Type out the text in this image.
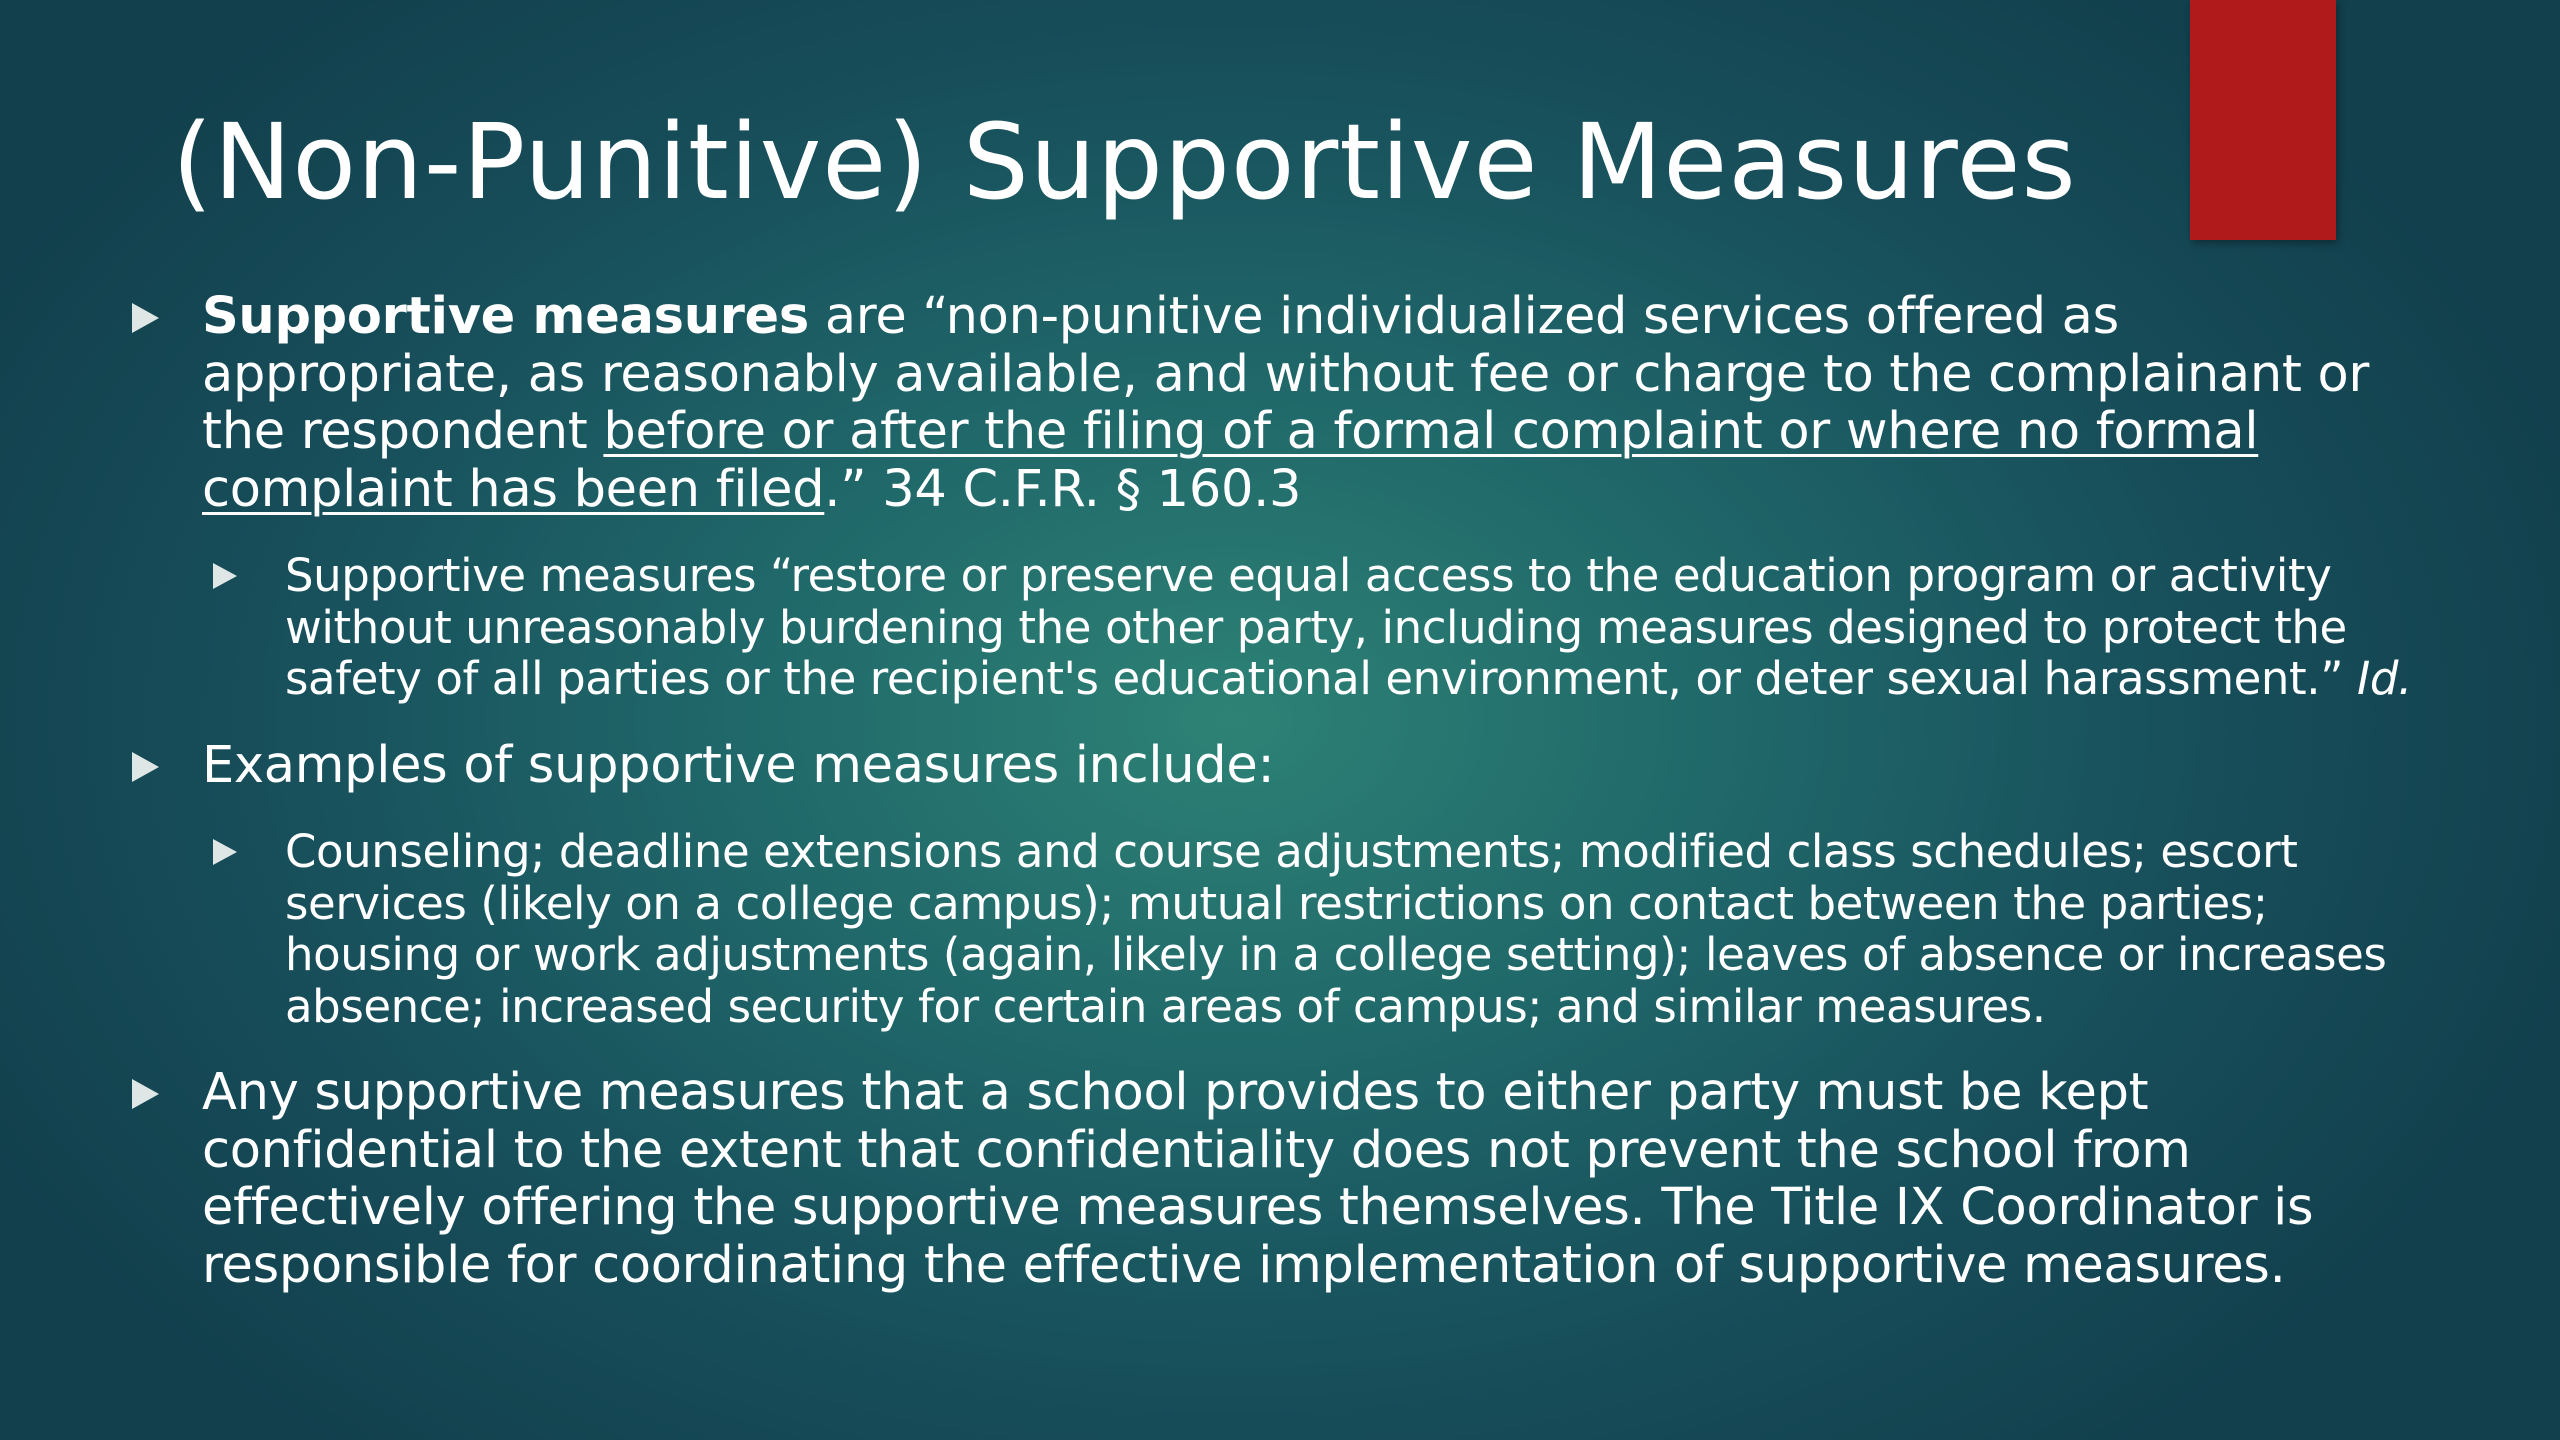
(Non-Punitive) Supportive Measures
Supportive measures are “non-punitive individualized services offered as appropriate, as reasonably available, and without fee or charge to the complainant or the respondent before or after the filing of a formal complaint or where no formal complaint has been filed.” 34 C.F.R. § 160.3
Supportive measures “restore or preserve equal access to the education program or activity without unreasonably burdening the other party, including measures designed to protect the safety of all parties or the recipient's educational environment, or deter sexual harassment.” Id.
Examples of supportive measures include:
Counseling; deadline extensions and course adjustments; modified class schedules; escort services (likely on a college campus); mutual restrictions on contact between the parties; housing or work adjustments (again, likely in a college setting); leaves of absence or increases absence; increased security for certain areas of campus; and similar measures.
Any supportive measures that a school provides to either party must be kept confidential to the extent that confidentiality does not prevent the school from effectively offering the supportive measures themselves. The Title IX Coordinator is responsible for coordinating the effective implementation of supportive measures.
